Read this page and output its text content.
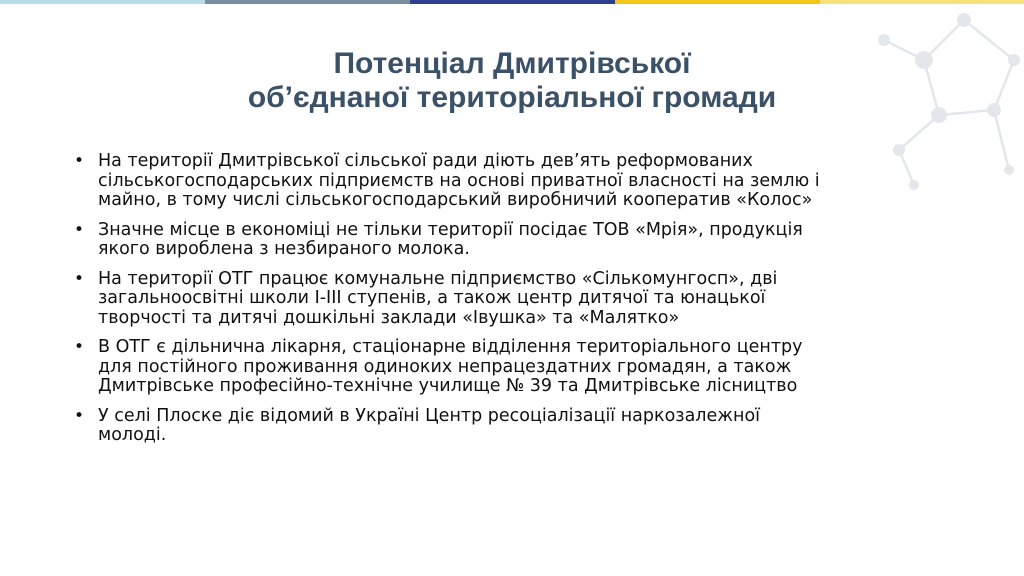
Потенціал Дмитрівської
об’єднаної територіальної громади
• На території Дмитрівської сільської ради діють дев’ять реформованих
сільськогосподарських підприємств на основі приватної власності на землю і
майно, в тому числі сільськогосподарський виробничий кооператив «Колос»
• Значне місце в економіці не тільки території посідає ТОВ «Мрія», продукція
якого вироблена з незбираного молока.
• На території ОТГ працює комунальне підприємство «Сількомунгосп», дві
загальноосвітні школи І-ІІІ ступенів, а також центр дитячої та юнацької
творчості та дитячі дошкільні заклади «Івушка» та «Малятко»
• В ОТГ є дільнична лікарня, стаціонарне відділення територіального центру
для постійного проживання одиноких непрацездатних громадян, а також
Дмитрівське професійно-технічне училище № 39 та Дмитрівське лісництво
• У селі Плоске діє відомий в Україні Центр ресоціалізації наркозалежної
молоді.
